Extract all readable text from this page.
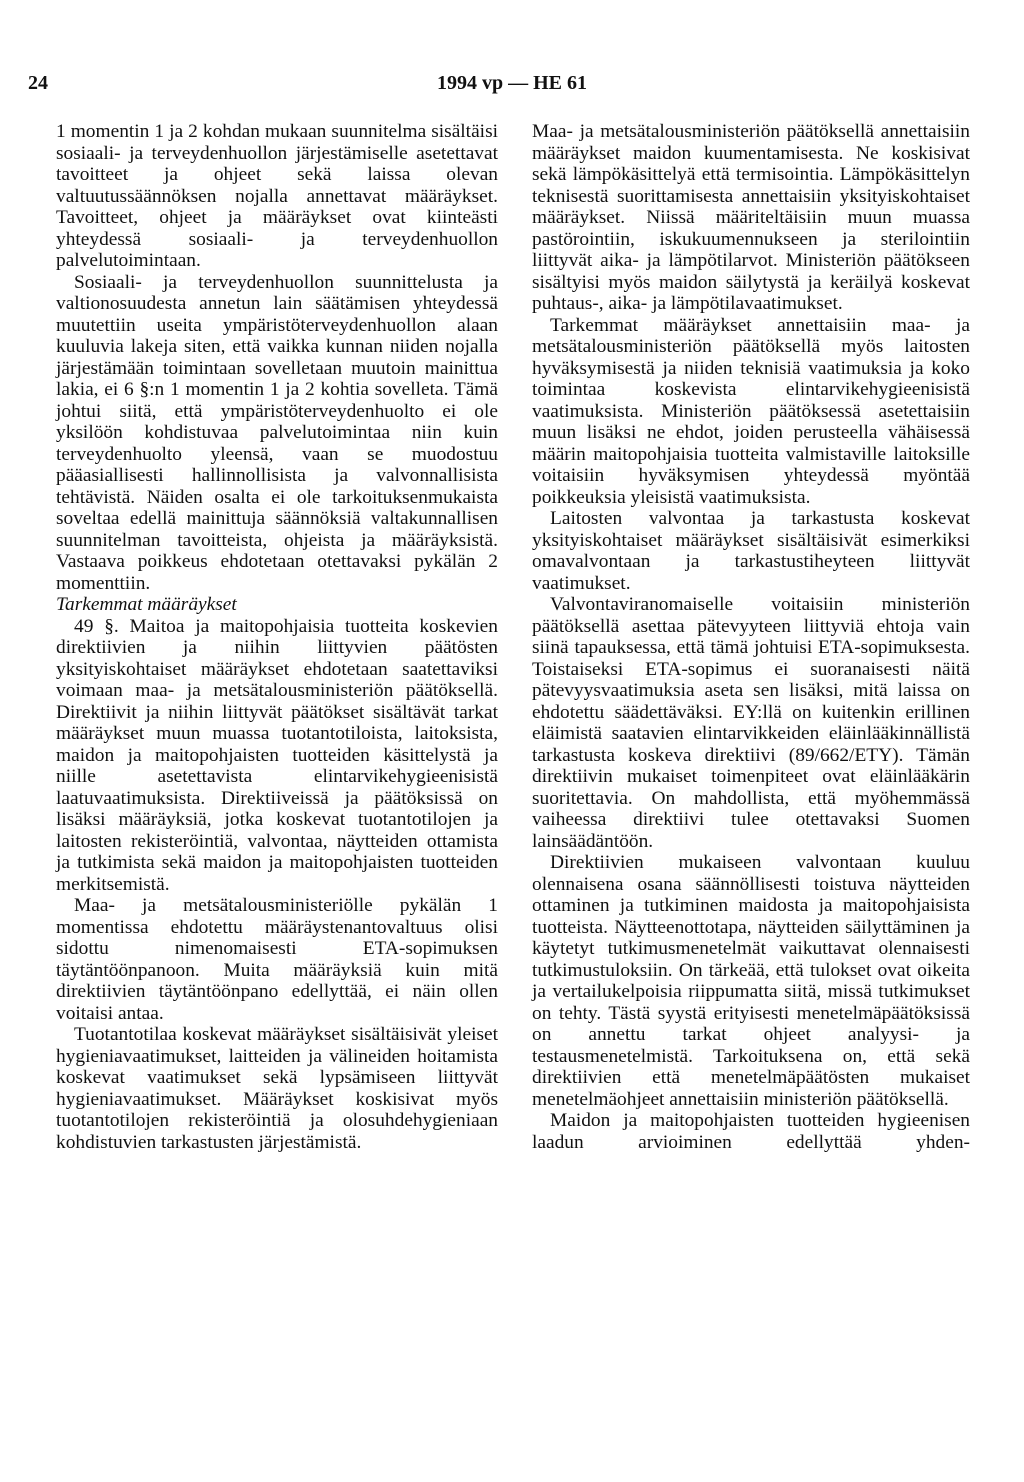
24	1994 vp — HE 61

1 momentin 1 ja 2 kohdan mukaan suunnitelma sisältäisi sosiaali- ja terveydenhuollon järjestämiselle asetettavat tavoitteet ja ohjeet sekä laissa olevan valtuutussäännöksen nojalla annettavat määräykset. Tavoitteet, ohjeet ja määräykset ovat kiinteästi yhteydessä sosiaali- ja terveydenhuollon palvelutoimintaan.

Sosiaali- ja terveydenhuollon suunnittelusta ja valtionosuudesta annetun lain säätämisen yhteydessä muutettiin useita ympäristöterveydenhuollon alaan kuuluvia lakeja siten, että vaikka kunnan niiden nojalla järjestämään toimintaan sovelletaan muutoin mainittua lakia, ei 6 §:n 1 momentin 1 ja 2 kohtia sovelleta. Tämä johtui siitä, että ympäristöterveydenhuolto ei ole yksilöön kohdistuvaa palvelutoimintaa niin kuin terveydenhuolto yleensä, vaan se muodostuu pääasiallisesti hallinnollisista ja valvonnallisista tehtävistä. Näiden osalta ei ole tarkoituksenmukaista soveltaa edellä mainittuja säännöksiä valtakunnallisen suunnitelman tavoitteista, ohjeista ja määräyksistä. Vastaava poikkeus ehdotetaan otettavaksi pykälän 2 momenttiin.

Tarkemmat määräykset

49 §. Maitoa ja maitopohjaisia tuotteita koskevien direktiivien ja niihin liittyvien päätösten yksityiskohtaiset määräykset ehdotetaan saatettaviksi voimaan maa- ja metsätalousministeriön päätöksellä. Direktiivit ja niihin liittyvät päätökset sisältävät tarkat määräykset muun muassa tuotantotiloista, laitoksista, maidon ja maitopohjaisten tuotteiden käsittelystä ja niille asetettavista elintarvikehygieenisistä laatuvaatimuksista. Direktiiveissä ja päätöksissä on lisäksi määräyksiä, jotka koskevat tuotantotilojen ja laitosten rekisteröintiä, valvontaa, näytteiden ottamista ja tutkimista sekä maidon ja maitopohjaisten tuotteiden merkitsemistä.

Maa- ja metsätalousministeriölle pykälän 1 momentissa ehdotettu määräystenantovaltuus olisi sidottu nimenomaisesti ETA-sopimuksen täytäntöönpanoon. Muita määräyksiä kuin mitä direktiivien täytäntöönpano edellyttää, ei näin ollen voitaisi antaa.

Tuotantotilaa koskevat määräykset sisältäisivät yleiset hygieniavaatimukset, laitteiden ja välineiden hoitamista koskevat vaatimukset sekä lypsämiseen liittyvät hygieniavaatimukset. Määräykset koskisivat myös tuotantotilojen rekisteröintiä ja olosuhdehygieniaan kohdistuvien tarkastusten järjestämistä.

Maa- ja metsätalousministeriön päätöksellä annettaisiin määräykset maidon kuumentamisesta. Ne koskisivat sekä lämpökäsittelyä että termisointia. Lämpökäsittelyn teknisestä suorittamisesta annettaisiin yksityiskohtaiset määräykset. Niissä määriteltäisiin muun muassa pastörointiin, iskukuumennukseen ja sterilointiin liittyvät aika- ja lämpötilarvot. Ministeriön päätökseen sisältyisi myös maidon säilytystä ja keräilyä koskevat puhtaus-, aika- ja lämpötilavaatimukset.

Tarkemmat määräykset annettaisiin maa- ja metsätalousministeriön päätöksellä myös laitosten hyväksymisestä ja niiden teknisiä vaatimuksia ja koko toimintaa koskevista elintarvikehygieenisistä vaatimuksista. Ministeriön päätöksessä asetettaisiin muun lisäksi ne ehdot, joiden perusteella vähäisessä määrin maitopohjaisia tuotteita valmistaville laitoksille voitaisiin hyväksymisen yhteydessä myöntää poikkeuksia yleisistä vaatimuksista.

Laitosten valvontaa ja tarkastusta koskevat yksityiskohtaiset määräykset sisältäisivät esimerkiksi omavalvontaan ja tarkastustiheyteen liittyvät vaatimukset.

Valvontaviranomaiselle voitaisiin ministeriön päätöksellä asettaa pätevyyteen liittyviä ehtoja vain siinä tapauksessa, että tämä johtuisi ETA-sopimuksesta. Toistaiseksi ETA-sopimus ei suoranaisesti näitä pätevyysvaatimuksia aseta sen lisäksi, mitä laissa on ehdotettu säädettäväksi. EY:llä on kuitenkin erillinen eläimistä saatavien elintarvikkeiden eläinlääkinnällistä tarkastusta koskeva direktiivi (89/662/ETY). Tämän direktiivin mukaiset toimenpiteet ovat eläinlääkärin suoritettavia. On mahdollista, että myöhemmässä vaiheessa direktiivi tulee otettavaksi Suomen lainsäädäntöön.

Direktiivien mukaiseen valvontaan kuuluu olennaisena osana säännöllisesti toistuva näytteiden ottaminen ja tutkiminen maidosta ja maitopohjaisista tuotteista. Näytteenottotapa, näytteiden säilyttäminen ja käytetyt tutkimusmenetelmät vaikuttavat olennaisesti tutkimustuloksiin. On tärkeää, että tulokset ovat oikeita ja vertailukelpoisia riippumatta siitä, missä tutkimukset on tehty. Tästä syystä erityisesti menetelmäpäätöksissä on annettu tarkat ohjeet analyysi- ja testausmenetelmistä. Tarkoituksena on, että sekä direktiivien että menetelmäpäätösten mukaiset menetelmäohjeet annettaisiin ministeriön päätöksellä.

Maidon ja maitopohjaisten tuotteiden hygieenisen laadun arvioiminen edellyttää yhden-
